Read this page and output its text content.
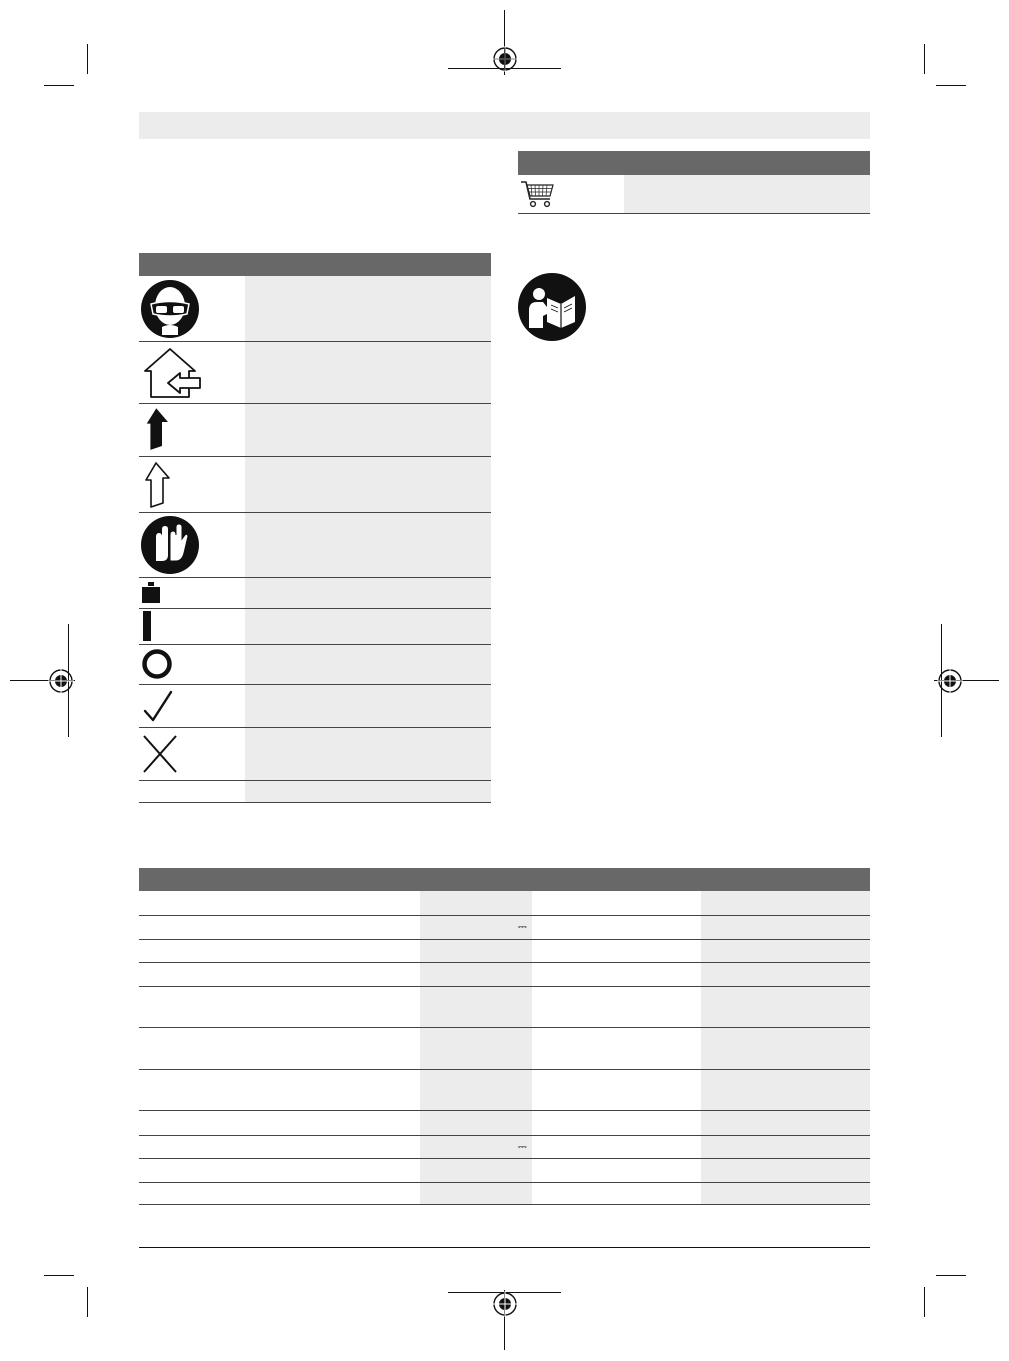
⎓
⎓
